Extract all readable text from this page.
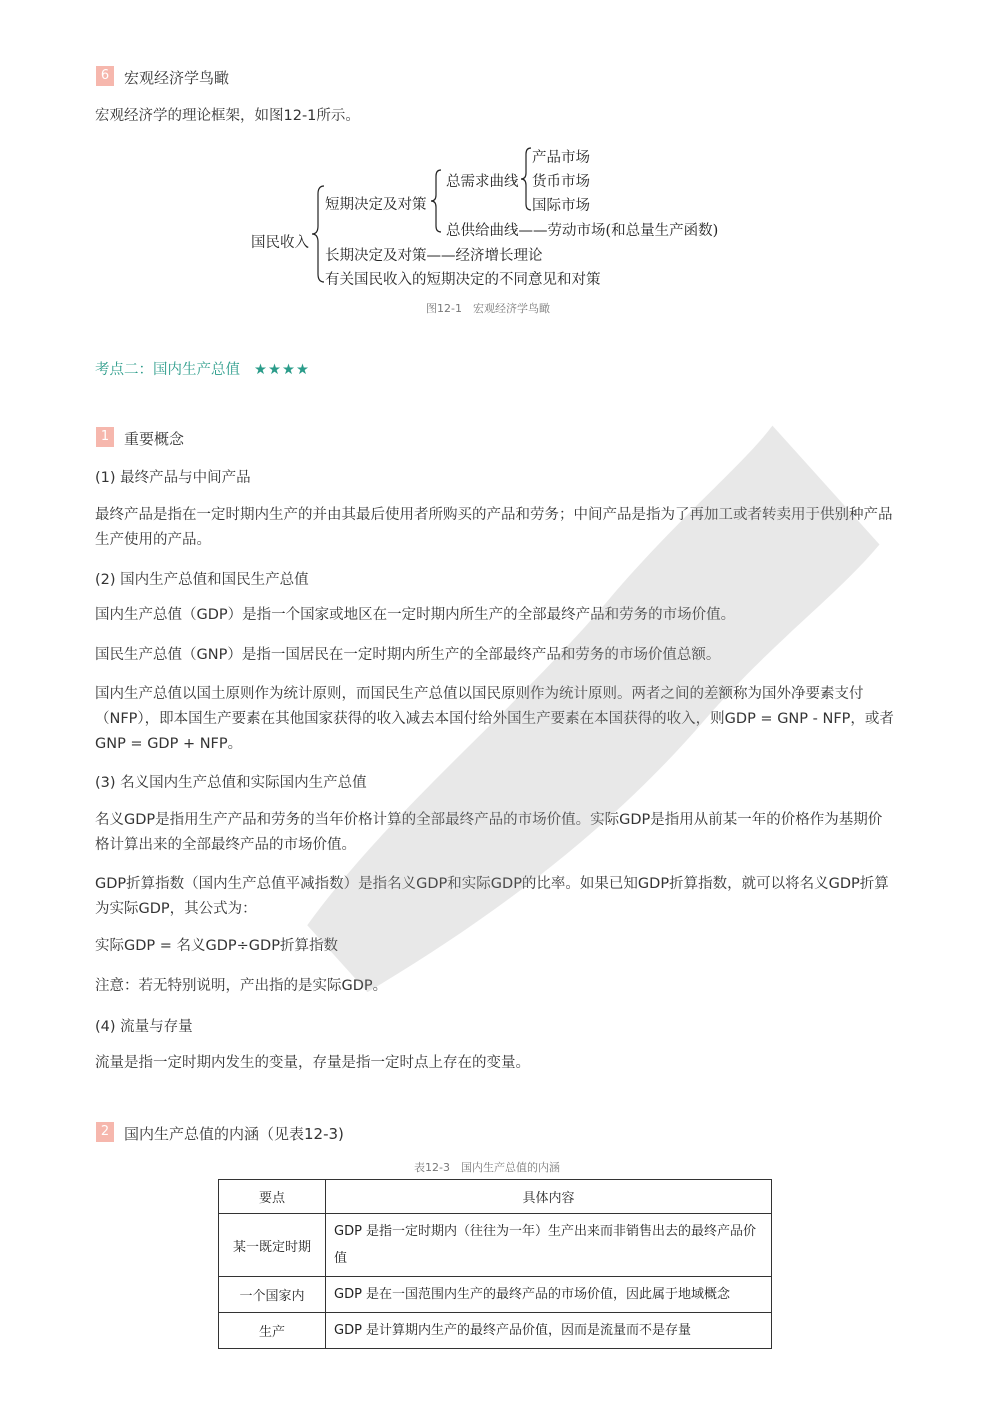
6 宏观经济学鸟瞰
宏观经济学的理论框架，如图12-1所示。
国民收入
短期决定及对策
总需求曲线
产品市场
货币市场
国际市场
总供给曲线——劳动市场(和总量生产函数)
长期决定及对策——经济增长理论
有关国民收入的短期决定的不同意见和对策
图12-1　宏观经济学鸟瞰
考点二：国内生产总值 ★★★★
1 重要概念
(1) 最终产品与中间产品
最终产品是指在一定时期内生产的并由其最后使用者所购买的产品和劳务；中间产品是指为了再加工或者转卖用于供别种产品生产使用的产品。
(2) 国内生产总值和国民生产总值
国内生产总值（GDP）是指一个国家或地区在一定时期内所生产的全部最终产品和劳务的市场价值。
国民生产总值（GNP）是指一国居民在一定时期内所生产的全部最终产品和劳务的市场价值总额。
国内生产总值以国土原则作为统计原则，而国民生产总值以国民原则作为统计原则。两者之间的差额称为国外净要素支付（NFP），即本国生产要素在其他国家获得的收入减去本国付给外国生产要素在本国获得的收入，则GDP = GNP - NFP，或者GNP = GDP + NFP。
(3) 名义国内生产总值和实际国内生产总值
名义GDP是指用生产产品和劳务的当年价格计算的全部最终产品的市场价值。实际GDP是指用从前某一年的价格作为基期价格计算出来的全部最终产品的市场价值。
GDP折算指数（国内生产总值平减指数）是指名义GDP和实际GDP的比率。如果已知GDP折算指数，就可以将名义GDP折算为实际GDP，其公式为：
实际GDP = 名义GDP÷GDP折算指数
注意：若无特别说明，产出指的是实际GDP。
(4) 流量与存量
流量是指一定时期内发生的变量，存量是指一定时点上存在的变量。
2 国内生产总值的内涵（见表12-3)
表12-3　国内生产总值的内涵
要点	具体内容
某一既定时期	GDP 是指一定时期内（往往为一年）生产出来而非销售出去的最终产品价值
一个国家内	GDP 是在一国范围内生产的最终产品的市场价值，因此属于地域概念
生产	GDP 是计算期内生产的最终产品价值，因而是流量而不是存量
